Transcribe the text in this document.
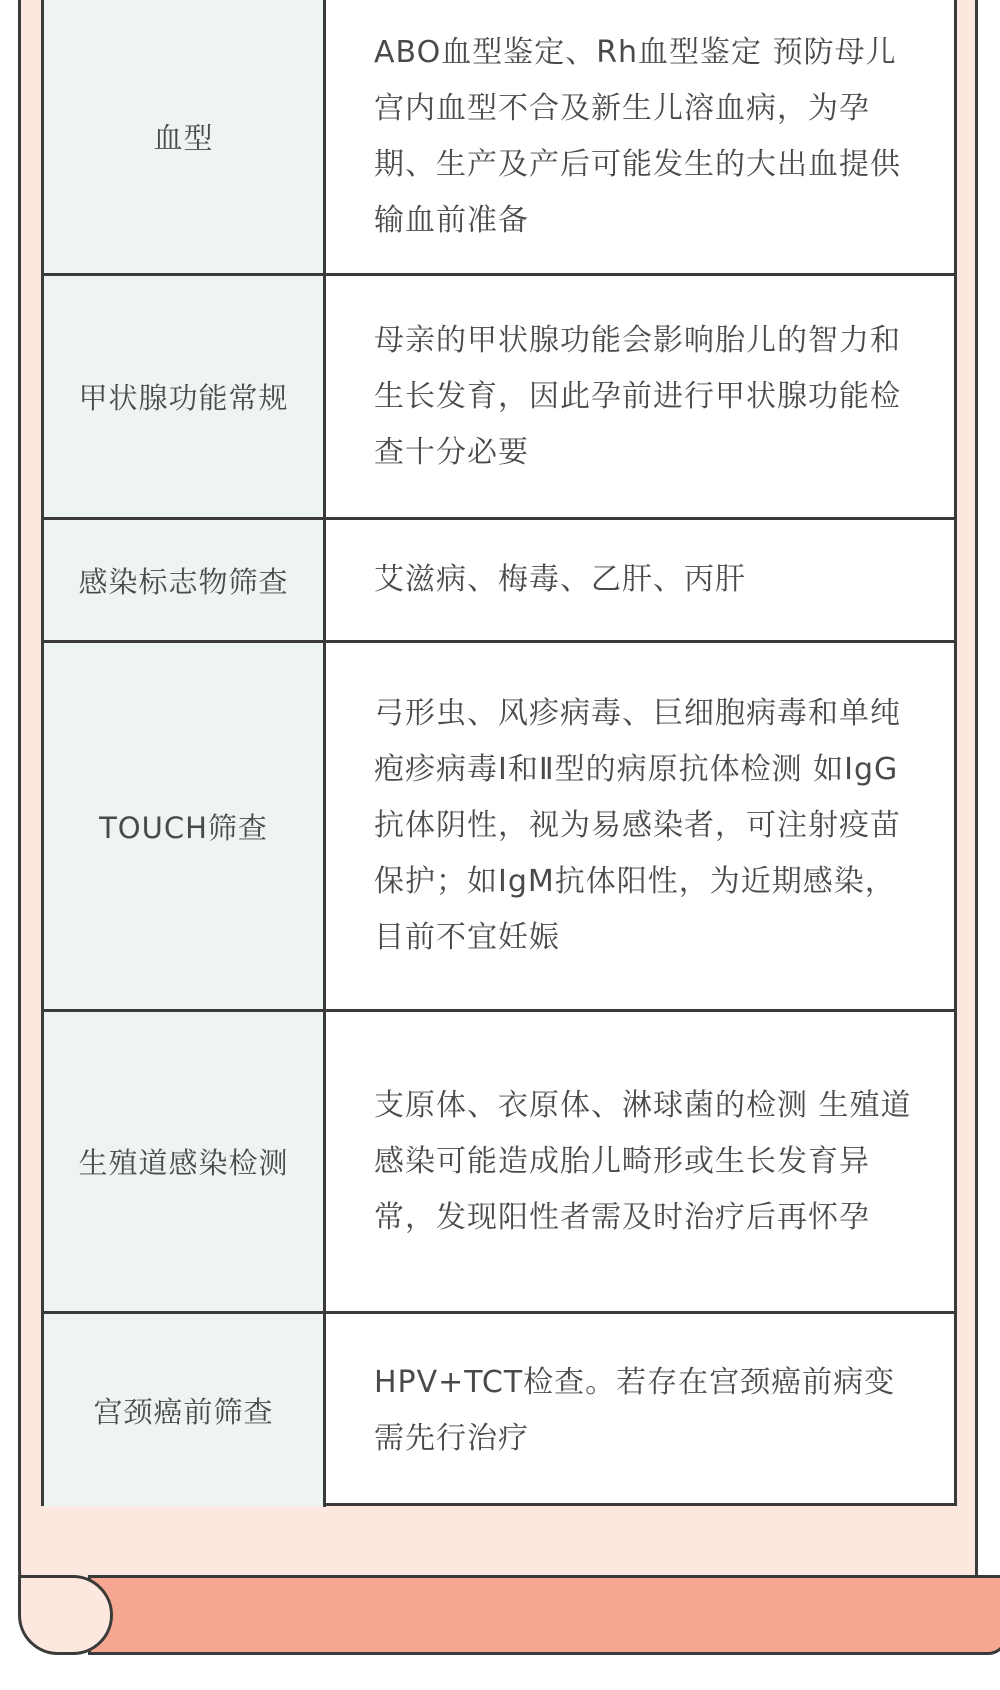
血型
ABO血型鉴定、Rh血型鉴定 预防母儿宫内血型不合及新生儿溶血病，为孕期、生产及产后可能发生的大出血提供输血前准备
甲状腺功能常规
母亲的甲状腺功能会影响胎儿的智力和生长发育，因此孕前进行甲状腺功能检查十分必要
感染标志物筛查	艾滋病、梅毒、乙肝、丙肝
TOUCH筛查
弓形虫、风疹病毒、巨细胞病毒和单纯疱疹病毒Ⅰ和Ⅱ型的病原抗体检测 如IgG抗体阴性，视为易感染者，可注射疫苗保护；如IgM抗体阳性，为近期感染，目前不宜妊娠
生殖道感染检测
支原体、衣原体、淋球菌的检测 生殖道感染可能造成胎儿畸形或生长发育异常，发现阳性者需及时治疗后再怀孕
宫颈癌前筛查
HPV+TCT检查。若存在宫颈癌前病变需先行治疗
